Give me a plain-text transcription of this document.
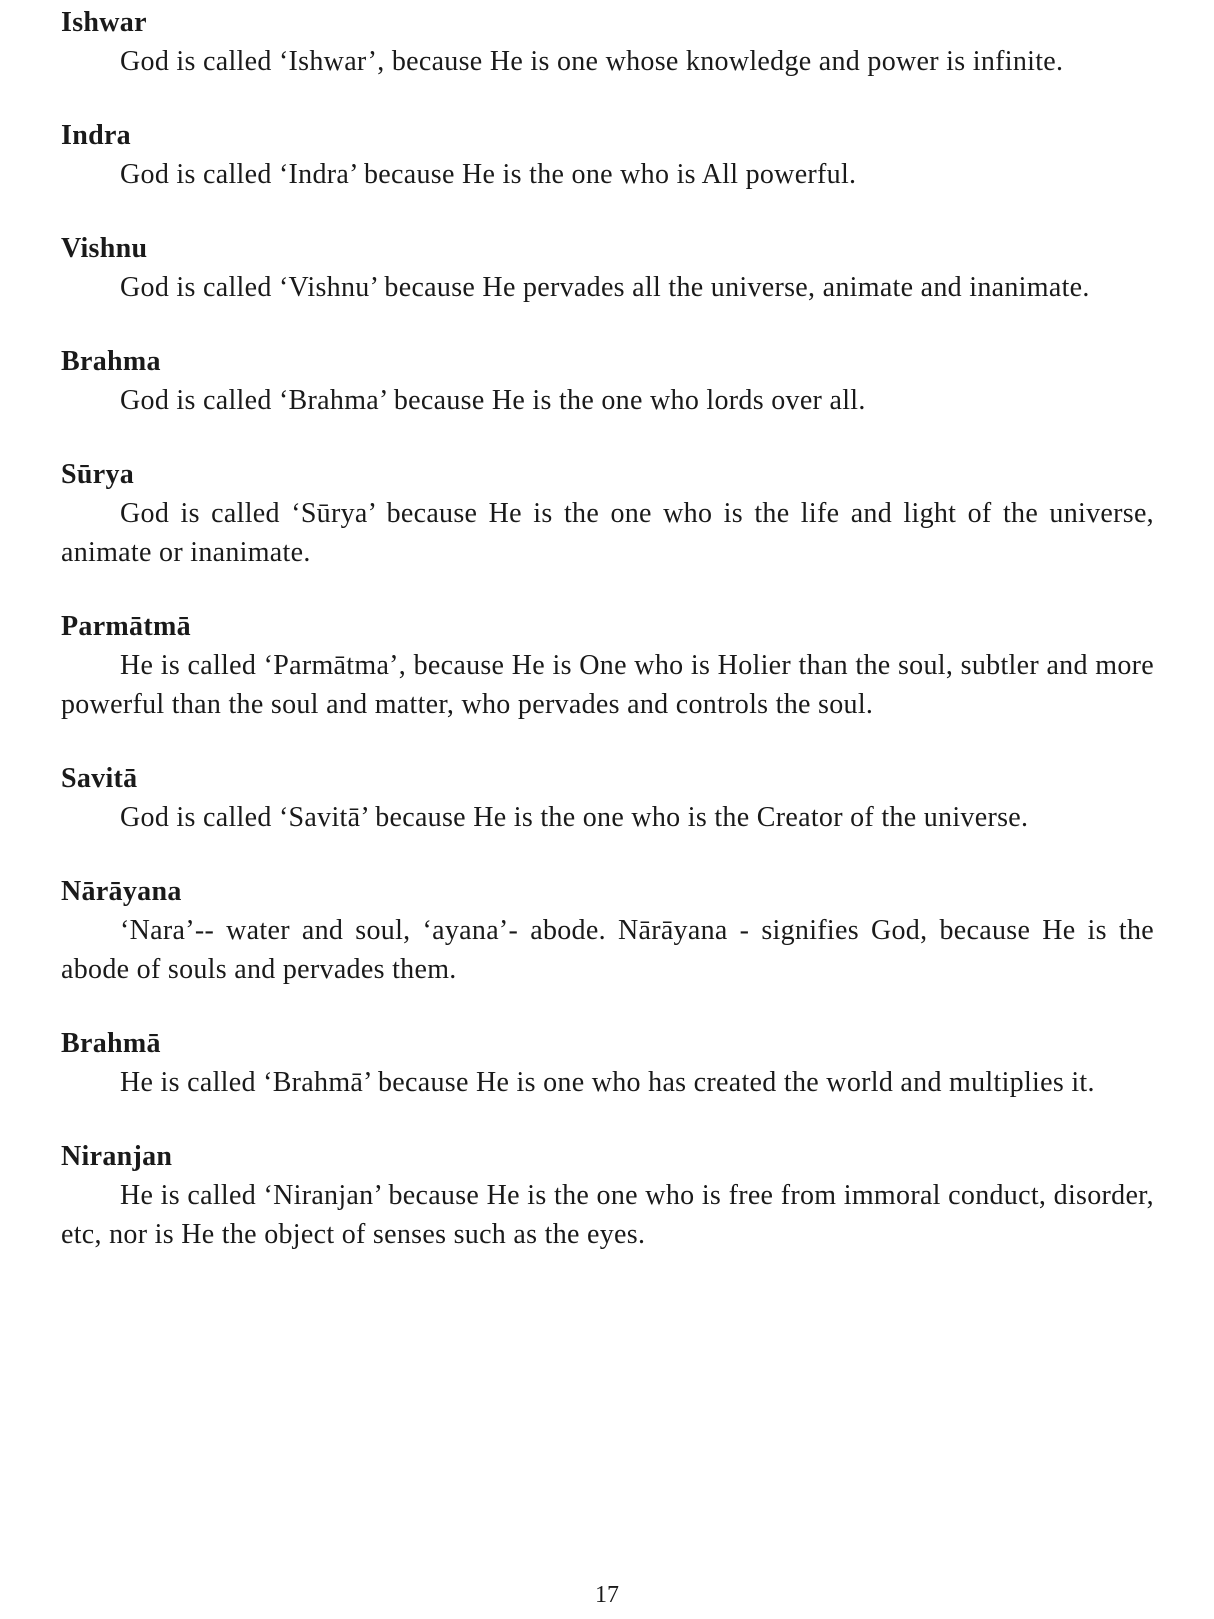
Ishwar

God is called ‘Ishwar’, because He is one whose knowledge and power is infinite.

Indra

God is called ‘Indra’ because He is the one who is All powerful.

Vishnu

God is called ‘Vishnu’ because He pervades all the universe, animate and inanimate.

Brahma

God is called ‘Brahma’ because He is the one who lords over all.

Sūrya

God is called ‘Sūrya’ because He is the one who is the life and light of the universe, animate or inanimate.

Parmātmā

He is called ‘Parmātma’, because He is One who is Holier than the soul, subtler and more powerful than the soul and matter, who pervades and controls the soul.

Savitā

God is called ‘Savitā’ because He is the one who is the Creator of the universe.

Nārāyana

‘Nara’-- water and soul, ‘ayana’- abode. Nārāyana - signifies God, because He is the abode of souls and pervades them.

Brahmā

He is called ‘Brahmā’ because He is one who has created the world and multiplies it.

Niranjan

He is called ‘Niranjan’ because He is the one who is free from immoral conduct, disorder, etc, nor is He the object of senses such as the eyes.

17
